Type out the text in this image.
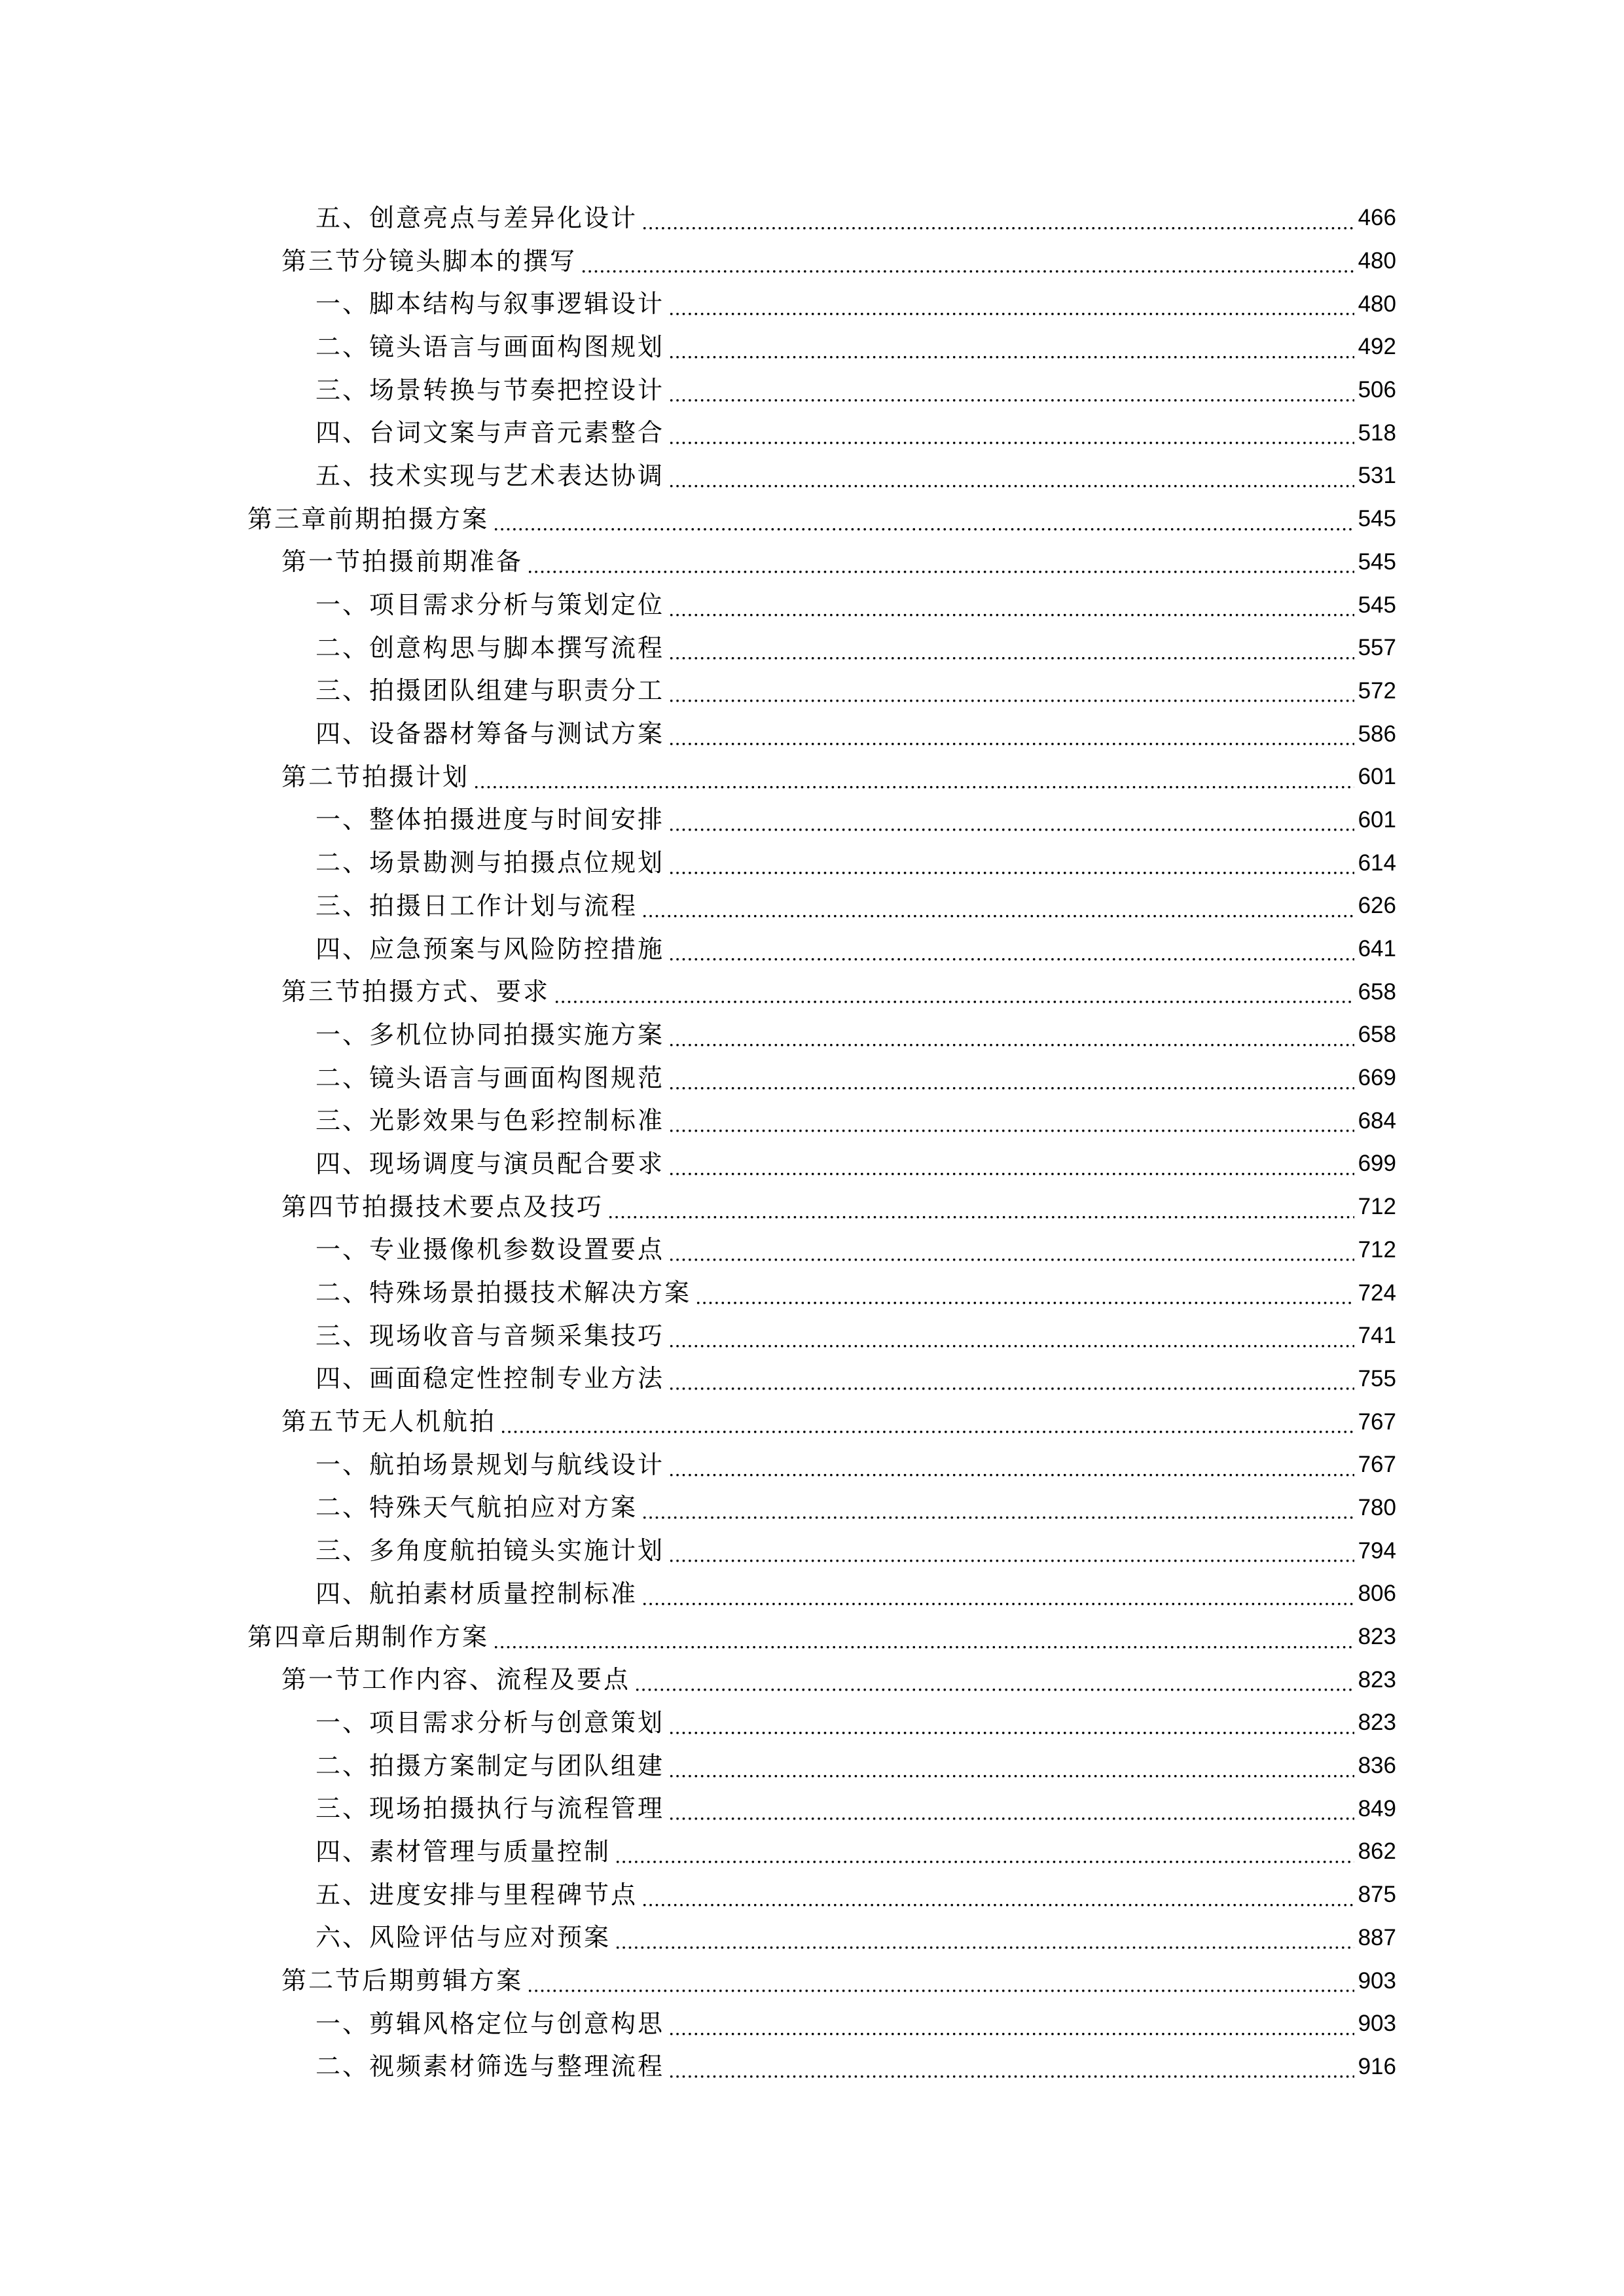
五、创意亮点与差异化设计	466
第三节分镜头脚本的撰写	480
一、脚本结构与叙事逻辑设计	480
二、镜头语言与画面构图规划	492
三、场景转换与节奏把控设计	506
四、台词文案与声音元素整合	518
五、技术实现与艺术表达协调	531
第三章前期拍摄方案	545
第一节拍摄前期准备	545
一、项目需求分析与策划定位	545
二、创意构思与脚本撰写流程	557
三、拍摄团队组建与职责分工	572
四、设备器材筹备与测试方案	586
第二节拍摄计划	601
一、整体拍摄进度与时间安排	601
二、场景勘测与拍摄点位规划	614
三、拍摄日工作计划与流程	626
四、应急预案与风险防控措施	641
第三节拍摄方式、要求	658
一、多机位协同拍摄实施方案	658
二、镜头语言与画面构图规范	669
三、光影效果与色彩控制标准	684
四、现场调度与演员配合要求	699
第四节拍摄技术要点及技巧	712
一、专业摄像机参数设置要点	712
二、特殊场景拍摄技术解决方案	724
三、现场收音与音频采集技巧	741
四、画面稳定性控制专业方法	755
第五节无人机航拍	767
一、航拍场景规划与航线设计	767
二、特殊天气航拍应对方案	780
三、多角度航拍镜头实施计划	794
四、航拍素材质量控制标准	806
第四章后期制作方案	823
第一节工作内容、流程及要点	823
一、项目需求分析与创意策划	823
二、拍摄方案制定与团队组建	836
三、现场拍摄执行与流程管理	849
四、素材管理与质量控制	862
五、进度安排与里程碑节点	875
六、风险评估与应对预案	887
第二节后期剪辑方案	903
一、剪辑风格定位与创意构思	903
二、视频素材筛选与整理流程	916
